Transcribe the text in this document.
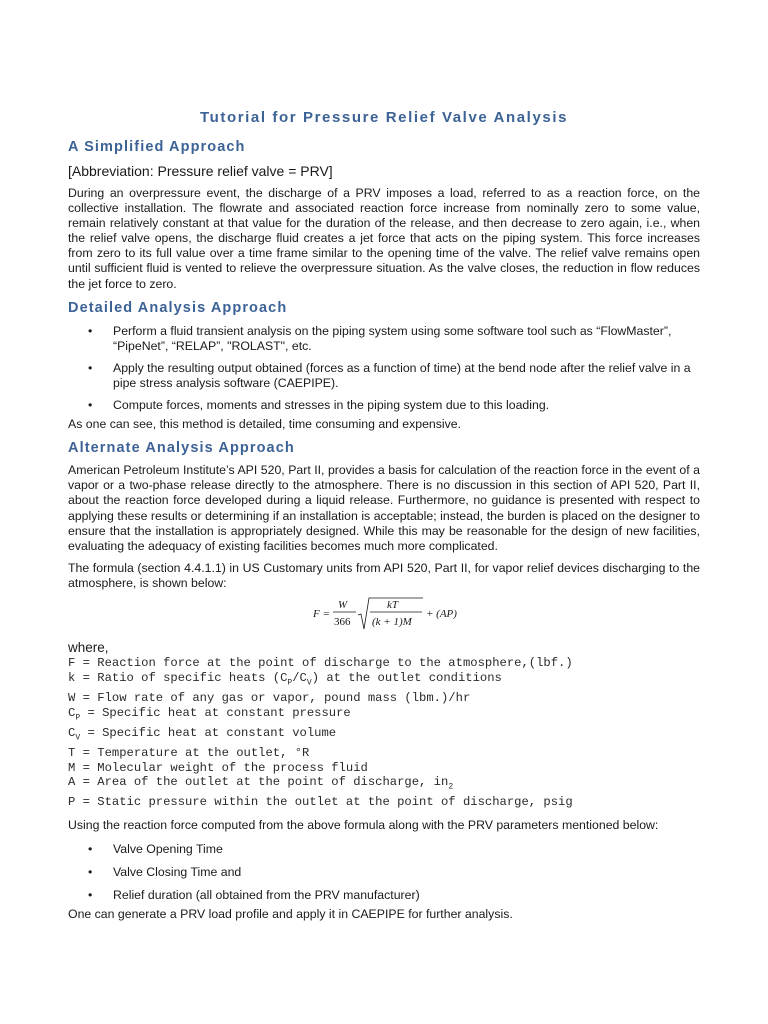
Tutorial for Pressure Relief Valve Analysis
A Simplified Approach
[Abbreviation: Pressure relief valve = PRV]

During an overpressure event, the discharge of a PRV imposes a load, referred to as a reaction force, on the collective installation. The flowrate and associated reaction force increase from nominally zero to some value, remain relatively constant at that value for the duration of the release, and then decrease to zero again, i.e., when the relief valve opens, the discharge fluid creates a jet force that acts on the piping system. This force increases from zero to its full value over a time frame similar to the opening time of the valve. The relief valve remains open until sufficient fluid is vented to relieve the overpressure situation. As the valve closes, the reduction in flow reduces the jet force to zero.

Detailed Analysis Approach
• Perform a fluid transient analysis on the piping system using some software tool such as “FlowMaster”, “PipeNet”, “RELAP”, "ROLAST", etc.
• Apply the resulting output obtained (forces as a function of time) at the bend node after the relief valve in a pipe stress analysis software (CAEPIPE).
• Compute forces, moments and stresses in the piping system due to this loading.

As one can see, this method is detailed, time consuming and expensive.

Alternate Analysis Approach

American Petroleum Institute’s API 520, Part II, provides a basis for calculation of the reaction force in the event of a vapor or a two-phase release directly to the atmosphere. There is no discussion in this section of API 520, Part II, about the reaction force developed during a liquid release. Furthermore, no guidance is presented with respect to applying these results or determining if an installation is acceptable; instead, the burden is placed on the designer to ensure that the installation is appropriately designed. While this may be reasonable for the design of new facilities, evaluating the adequacy of existing facilities becomes much more complicated.

The formula (section 4.4.1.1) in US Customary units from API 520, Part II, for vapor relief devices discharging to the atmosphere, is shown below:

F =
W
366
kT
(k + 1)M
+ (AP)
where,
F = Reaction force at the point of discharge to the atmosphere,(lbf.)
k = Ratio of specific heats $(C_P/C_V)$ at the outlet conditions
W = Flow rate of any gas or vapor, pound mass (lbm.)/hr
$C_P$ = Specific heat at constant pressure
$C_V$ = Specific heat at constant volume
T = Temperature at the outlet, °R
M = Molecular weight of the process fluid
A = Area of the outlet at the point of discharge, $in_2$
P = Static pressure within the outlet at the point of discharge, psig

Using the reaction force computed from the above formula along with the PRV parameters mentioned below:

• Valve Opening Time
• Valve Closing Time and
• Relief duration (all obtained from the PRV manufacturer)

One can generate a PRV load profile and apply it in CAEPIPE for further analysis.
